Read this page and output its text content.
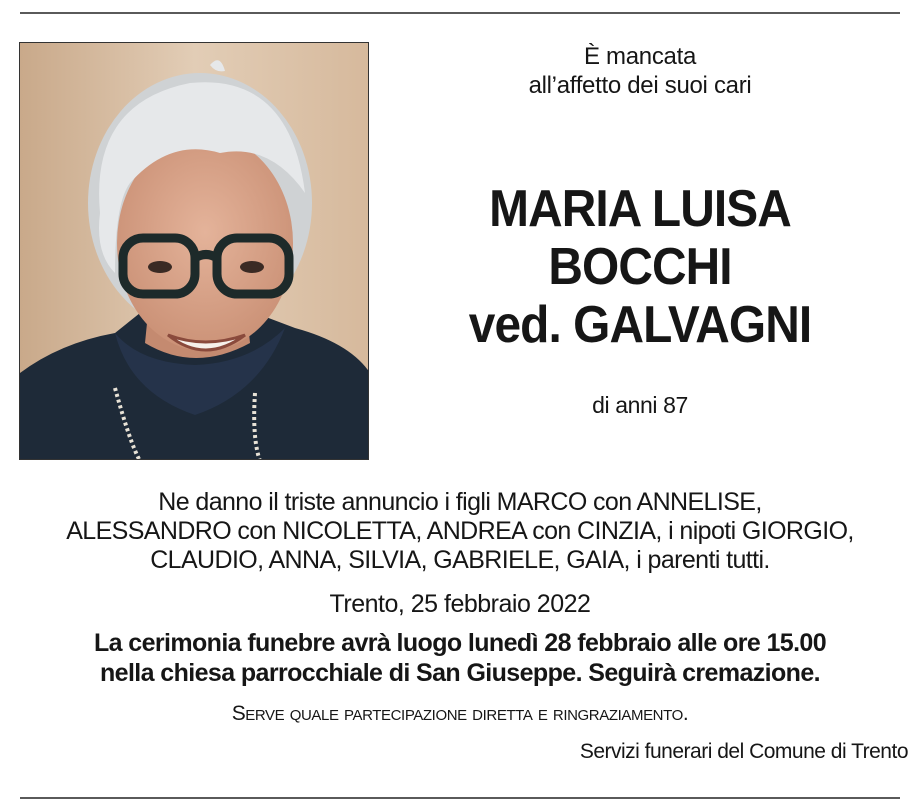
È mancata
all’affetto dei suoi cari
MARIA LUISA
BOCCHI
ved. GALVAGNI
di anni 87
Ne danno il triste annuncio i figli MARCO con ANNELISE,
ALESSANDRO con NICOLETTA, ANDREA con CINZIA, i nipoti GIORGIO,
CLAUDIO, ANNA, SILVIA, GABRIELE, GAIA, i parenti tutti.
Trento, 25 febbraio 2022
La cerimonia funebre avrà luogo lunedì 28 febbraio alle ore 15.00
nella chiesa parrocchiale di San Giuseppe. Seguirà cremazione.
Serve quale partecipazione diretta e ringraziamento.
Servizi funerari del Comune di Trento
